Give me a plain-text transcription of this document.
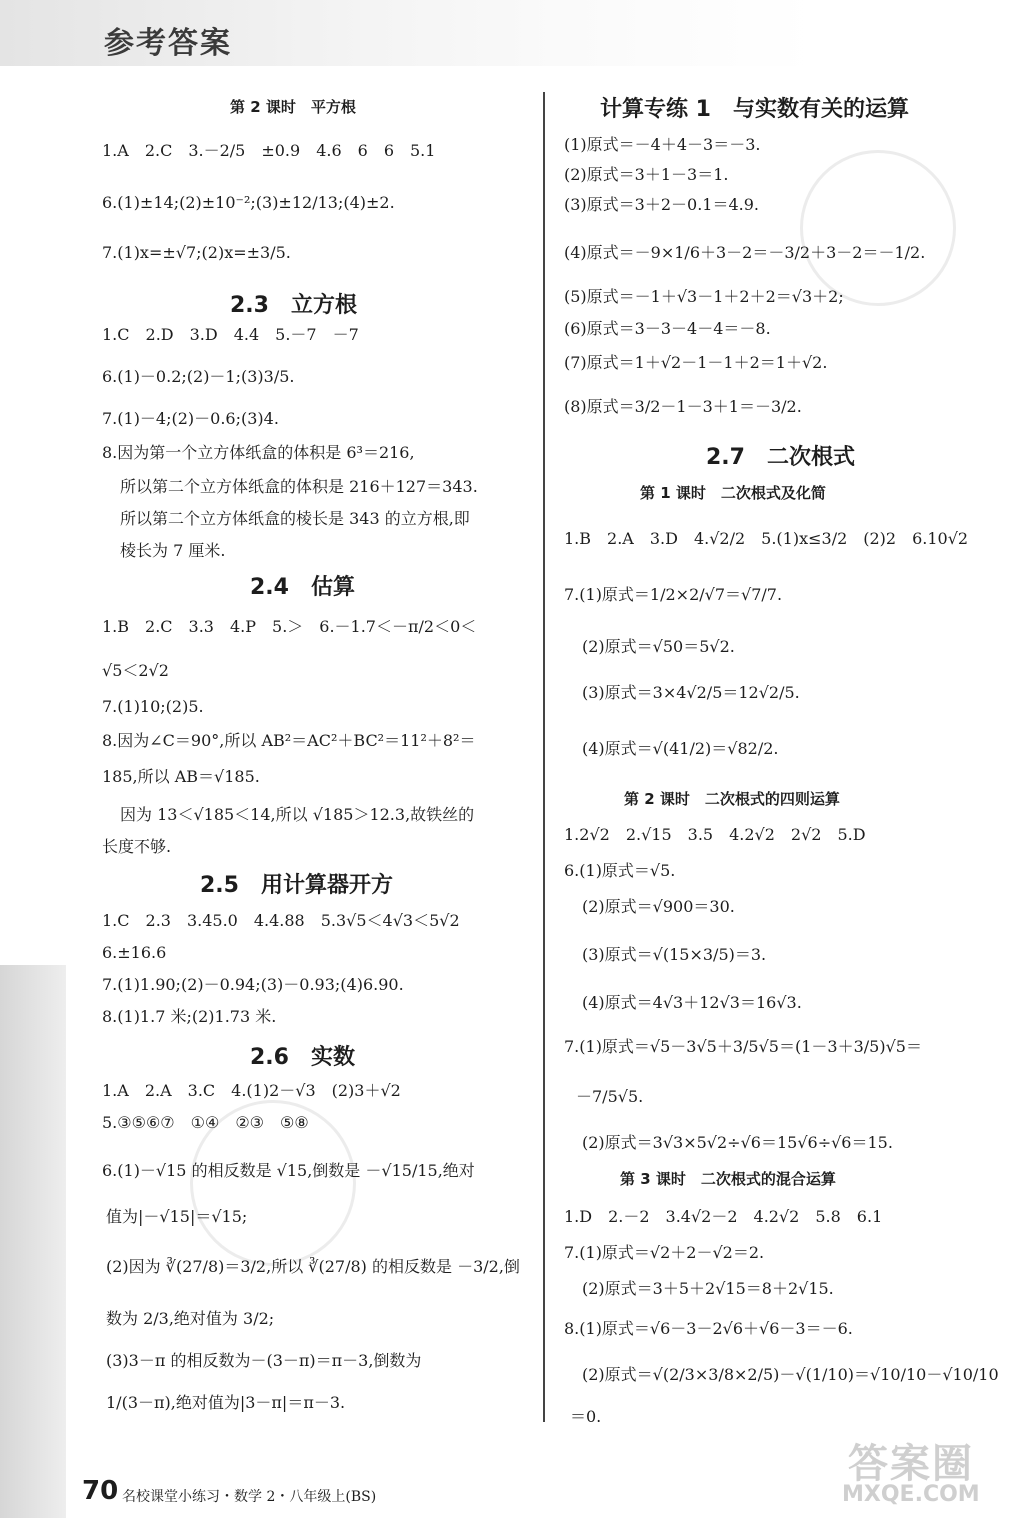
参考答案
第 2 课时　平方根
1.A　2.C　3.－2/5　±0.9　4.6　6　6　5.1
6.(1)±14;(2)±10⁻²;(3)±12/13;(4)±2.
7.(1)x=±√7;(2)x=±3/5.
2.3　立方根
1.C　2.D　3.D　4.4　5.－7　－7
6.(1)－0.2;(2)－1;(3)3/5.
7.(1)－4;(2)－0.6;(3)4.
8.因为第一个立方体纸盒的体积是 6³＝216,
所以第二个立方体纸盒的体积是 216＋127＝343.
所以第二个立方体纸盒的棱长是 343 的立方根,即
棱长为 7 厘米.
2.4　估算
1.B　2.C　3.3　4.P　5.＞　6.－1.7＜－π/2＜0＜
√5＜2√2
7.(1)10;(2)5.
8.因为∠C＝90°,所以 AB²＝AC²＋BC²＝11²＋8²＝
185,所以 AB＝√185.
因为 13＜√185＜14,所以 √185＞12.3,故铁丝的
长度不够.
2.5　用计算器开方
1.C　2.3　3.45.0　4.4.88　5.3√5＜4√3＜5√2
6.±16.6
7.(1)1.90;(2)－0.94;(3)－0.93;(4)6.90.
8.(1)1.7 米;(2)1.73 米.
2.6　实数
1.A　2.A　3.C　4.(1)2－√3　(2)3＋√2
5.③⑤⑥⑦　①④　②③　⑤⑧
6.(1)－√15 的相反数是 √15,倒数是 －√15/15,绝对
值为|－√15|＝√15;
(2)因为 ∛(27/8)＝3/2,所以 ∛(27/8) 的相反数是 －3/2,倒
数为 2/3,绝对值为 3/2;
(3)3－π 的相反数为－(3－π)＝π－3,倒数为
1/(3－π),绝对值为|3－π|＝π－3.
计算专练 1　与实数有关的运算
(1)原式＝－4＋4－3＝－3.
(2)原式＝3＋1－3＝1.
(3)原式＝3＋2－0.1＝4.9.
(4)原式＝－9×1/6＋3－2＝－3/2＋3－2＝－1/2.
(5)原式＝－1＋√3－1＋2＋2＝√3＋2;
(6)原式＝3－3－4－4＝－8.
(7)原式＝1＋√2－1－1＋2＝1＋√2.
(8)原式＝3/2－1－3＋1＝－3/2.
2.7　二次根式
第 1 课时　二次根式及化简
1.B　2.A　3.D　4.√2/2　5.(1)x≤3/2　(2)2　6.10√2
7.(1)原式＝1/2×2/√7＝√7/7.
(2)原式＝√50＝5√2.
(3)原式＝3×4√2/5＝12√2/5.
(4)原式＝√(41/2)＝√82/2.
第 2 课时　二次根式的四则运算
1.2√2　2.√15　3.5　4.2√2　2√2　5.D
6.(1)原式＝√5.
(2)原式＝√900＝30.
(3)原式＝√(15×3/5)＝3.
(4)原式＝4√3＋12√3＝16√3.
7.(1)原式＝√5－3√5＋3/5√5＝(1－3＋3/5)√5＝
－7/5√5.
(2)原式＝3√3×5√2÷√6＝15√6÷√6＝15.
第 3 课时　二次根式的混合运算
1.D　2.－2　3.4√2－2　4.2√2　5.8　6.1
7.(1)原式＝√2＋2－√2＝2.
(2)原式＝3＋5＋2√15＝8＋2√15.
8.(1)原式＝√6－3－2√6＋√6－3＝－6.
(2)原式＝√(2/3×3/8×2/5)－√(1/10)＝√10/10－√10/10
＝0.
70 名校课堂小练习・数学 2・八年级上(BS)
答案圈
MXQE.COM
